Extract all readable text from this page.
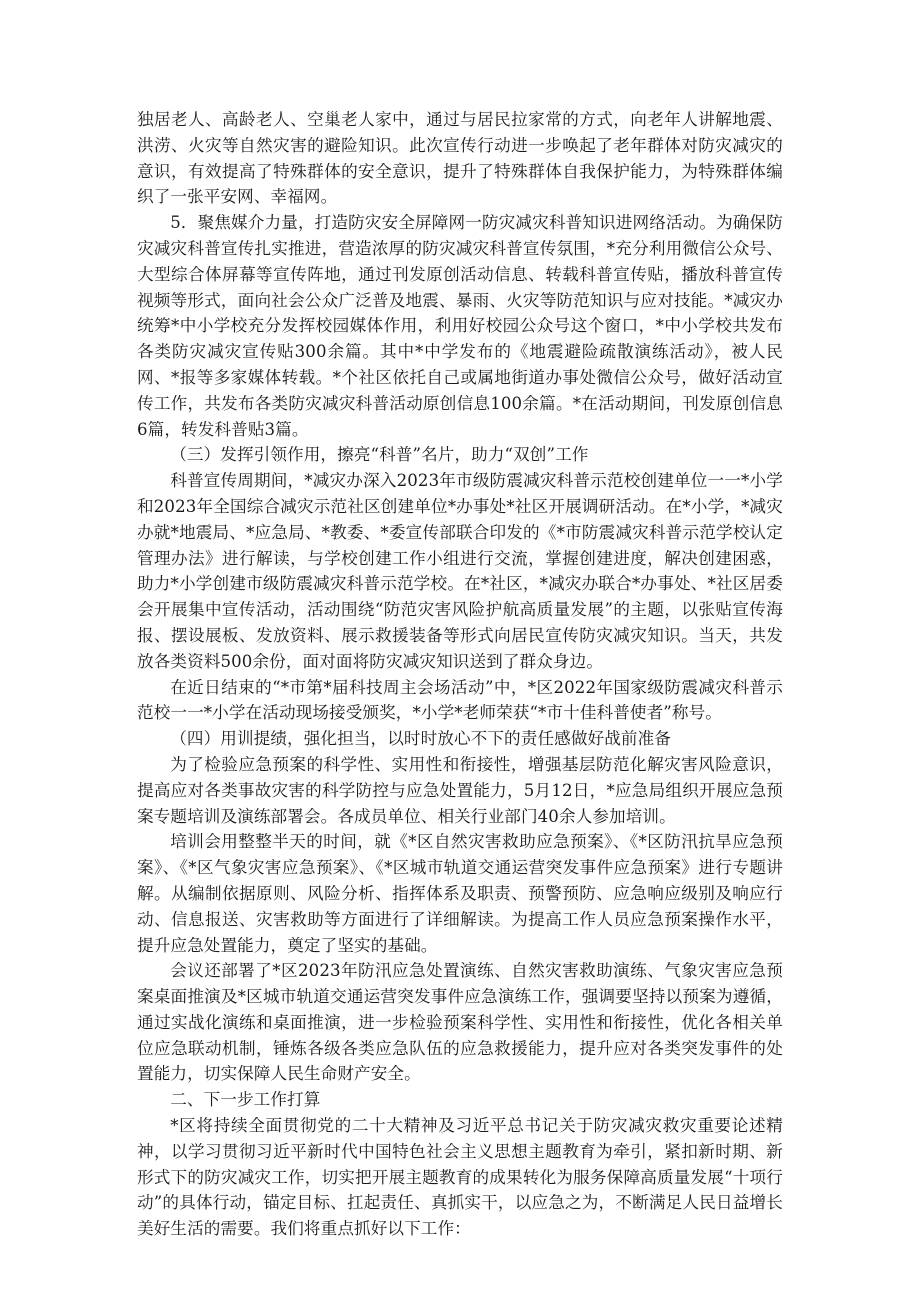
独居老人、高龄老人、空巢老人家中，通过与居民拉家常的方式，向老年人讲解地震、洪涝、火灾等自然灾害的避险知识。此次宣传行动进一步唤起了老年群体对防灾减灾的意识，有效提高了特殊群体的安全意识，提升了特殊群体自我保护能力，为特殊群体编织了一张平安网、幸福网。

5．聚焦媒介力量，打造防灾安全屏障网一防灾减灾科普知识进网络活动。为确保防灾减灾科普宣传扎实推进，营造浓厚的防灾减灾科普宣传氛围，*充分利用微信公众号、大型综合体屏幕等宣传阵地，通过刊发原创活动信息、转载科普宣传贴，播放科普宣传视频等形式，面向社会公众广泛普及地震、暴雨、火灾等防范知识与应对技能。*减灾办统筹*中小学校充分发挥校园媒体作用，利用好校园公众号这个窗口，*中小学校共发布各类防灾减灾宣传贴300余篇。其中*中学发布的《地震避险疏散演练活动》，被人民网、*报等多家媒体转载。*个社区依托自己或属地街道办事处微信公众号，做好活动宣传工作，共发布各类防灾减灾科普活动原创信息100余篇。*在活动期间，刊发原创信息6篇，转发科普贴3篇。

（三）发挥引领作用，擦亮“科普”名片，助力“双创”工作

科普宣传周期间，*减灾办深入2023年市级防震减灾科普示范校创建单位一一*小学和2023年全国综合减灾示范社区创建单位*办事处*社区开展调研活动。在*小学，*减灾办就*地震局、*应急局、*教委、*委宣传部联合印发的《*市防震减灾科普示范学校认定管理办法》进行解读，与学校创建工作小组进行交流，掌握创建进度，解决创建困惑，助力*小学创建市级防震减灾科普示范学校。在*社区，*减灾办联合*办事处、*社区居委会开展集中宣传活动，活动围绕“防范灾害风险护航高质量发展”的主题，以张贴宣传海报、摆设展板、发放资料、展示救援装备等形式向居民宣传防灾减灾知识。当天，共发放各类资料500余份，面对面将防灾减灾知识送到了群众身边。

在近日结束的“*市第*届科技周主会场活动”中，*区2022年国家级防震减灾科普示范校一一*小学在活动现场接受颁奖，*小学*老师荣获“*市十佳科普使者”称号。

（四）用训提绩，强化担当，以时时放心不下的责任感做好战前准备

为了检验应急预案的科学性、实用性和衔接性，增强基层防范化解灾害风险意识，提高应对各类事故灾害的科学防控与应急处置能力，5月12日，*应急局组织开展应急预案专题培训及演练部署会。各成员单位、相关行业部门40余人参加培训。

培训会用整整半天的时间，就《*区自然灾害救助应急预案》、《*区防汛抗旱应急预案》、《*区气象灾害应急预案》、《*区城市轨道交通运营突发事件应急预案》进行专题讲解。从编制依据原则、风险分析、指挥体系及职责、预警预防、应急响应级别及响应行动、信息报送、灾害救助等方面进行了详细解读。为提高工作人员应急预案操作水平，提升应急处置能力，奠定了坚实的基础。

会议还部署了*区2023年防汛应急处置演练、自然灾害救助演练、气象灾害应急预案桌面推演及*区城市轨道交通运营突发事件应急演练工作，强调要坚持以预案为遵循，通过实战化演练和桌面推演，进一步检验预案科学性、实用性和衔接性，优化各相关单位应急联动机制，锤炼各级各类应急队伍的应急救援能力，提升应对各类突发事件的处置能力，切实保障人民生命财产安全。

二、下一步工作打算

*区将持续全面贯彻党的二十大精神及习近平总书记关于防灾减灾救灾重要论述精神，以学习贯彻习近平新时代中国特色社会主义思想主题教育为牵引，紧扣新时期、新形式下的防灾减灾工作，切实把开展主题教育的成果转化为服务保障高质量发展“十项行动”的具体行动，锚定目标、扛起责任、真抓实干，以应急之为，不断满足人民日益增长美好生活的需要。我们将重点抓好以下工作：
